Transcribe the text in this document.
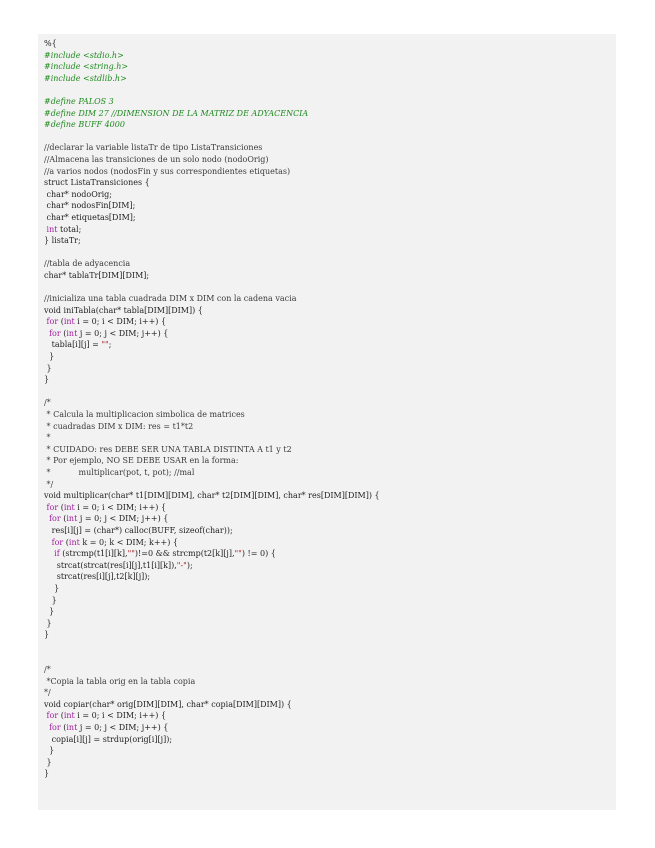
%{
#include <stdio.h>
#include <string.h>
#include <stdlib.h>
#define PALOS 3
#define DIM 27 //DIMENSION DE LA MATRIZ DE ADYACENCIA
#define BUFF 4000
//declarar la variable listaTr de tipo ListaTransiciones
//Almacena las transiciones de un solo nodo (nodoOrig)
//a varios nodos (nodosFin y sus correspondientes etiquetas)
struct ListaTransiciones {
char* nodoOrig;
char* nodosFin[DIM];
char* etiquetas[DIM];
int total;
} listaTr;
//tabla de adyacencia
char* tablaTr[DIM][DIM];
//inicializa una tabla cuadrada DIM x DIM con la cadena vacia
void iniTabla(char* tabla[DIM][DIM]) {
for (int i = 0; i < DIM; i++) {
for (int j = 0; j < DIM; j++) {
tabla[i][j] = "";
}
}
}
/*
* Calcula la multiplicacion simbolica de matrices
* cuadradas DIM x DIM: res = t1*t2
*
* CUIDADO: res DEBE SER UNA TABLA DISTINTA A t1 y t2
* Por ejemplo, NO SE DEBE USAR en la forma:
*           multiplicar(pot, t, pot); //mal
*/
void multiplicar(char* t1[DIM][DIM], char* t2[DIM][DIM], char* res[DIM][DIM]) {
for (int i = 0; i < DIM; i++) {
for (int j = 0; j < DIM; j++) {
res[i][j] = (char*) calloc(BUFF, sizeof(char));
for (int k = 0; k < DIM; k++) {
if (strcmp(t1[i][k],"")!=0 && strcmp(t2[k][j],"") != 0) {
strcat(strcat(res[i][j],t1[i][k]),"-");
strcat(res[i][j],t2[k][j]);
}
}
}
}
}
/*
*Copia la tabla orig en la tabla copia
*/
void copiar(char* orig[DIM][DIM], char* copia[DIM][DIM]) {
for (int i = 0; i < DIM; i++) {
for (int j = 0; j < DIM; j++) {
copia[i][j] = strdup(orig[i][j]);
}
}
}
